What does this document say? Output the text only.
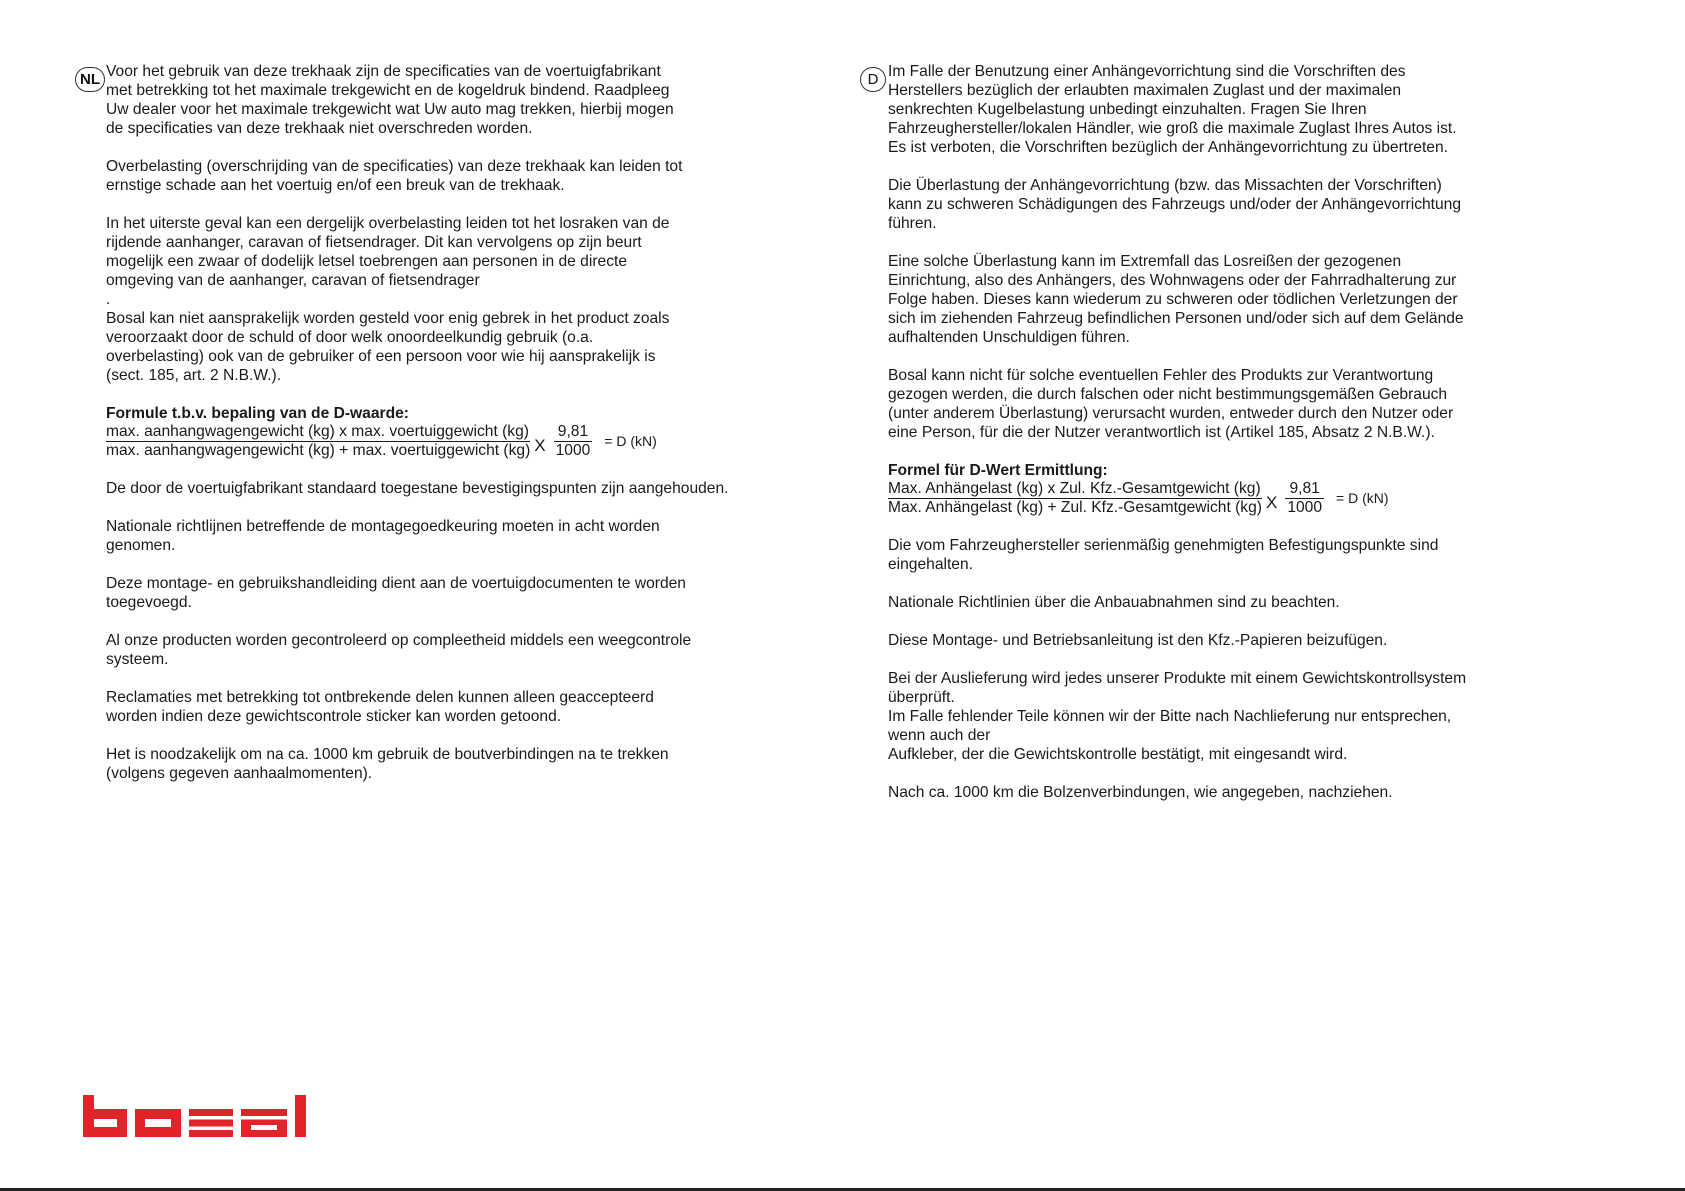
NL	D

Voor het gebruik van deze trekhaak zijn de specificaties van de voertuigfabrikant
met betrekking tot het maximale trekgewicht en de kogeldruk bindend. Raadpleeg
Uw dealer voor het maximale trekgewicht wat Uw auto mag trekken, hierbij mogen
de specificaties van deze trekhaak niet overschreden worden.

Overbelasting (overschrijding van de specificaties) van deze trekhaak kan leiden tot
ernstige schade aan het voertuig en/of een breuk van de trekhaak.

In het uiterste geval kan een dergelijk overbelasting leiden tot het losraken van de
rijdende aanhanger, caravan of fietsendrager. Dit kan vervolgens op zijn beurt
mogelijk een zwaar of dodelijk letsel toebrengen aan personen in de directe
omgeving van de aanhanger, caravan of fietsendrager
.
Bosal kan niet aansprakelijk worden gesteld voor enig gebrek in het product zoals
veroorzaakt door de schuld of door welk onoordeelkundig gebruik (o.a.
overbelasting) ook van de gebruiker of een persoon voor wie hij aansprakelijk is
(sect. 185, art. 2 N.B.W.).

Formule t.b.v. bepaling van de D-waarde:
$\frac{\text{max. aanhangwagengewicht (kg) x max. voertuiggewicht (kg)}}{\text{max. aanhangwagengewicht (kg) + max. voertuiggewicht (kg)}}$ X $\frac{9,81}{1000} = D$ (kN)

De door de voertuigfabrikant standaard toegestane bevestigingspunten zijn aangehouden.

Nationale richtlijnen betreffende de montagegoedkeuring moeten in acht worden
genomen.

Deze montage- en gebruikshandleiding dient aan de voertuigdocumenten te worden
toegevoegd.

Al onze producten worden gecontroleerd op compleetheid middels een weegcontrole
systeem.

Reclamaties met betrekking tot ontbrekende delen kunnen alleen geaccepteerd
worden indien deze gewichtscontrole sticker kan worden getoond.

Het is noodzakelijk om na ca. 1000 km gebruik de boutverbindingen na te trekken
(volgens gegeven aanhaalmomenten).

Im Falle der Benutzung einer Anhängevorrichtung sind die Vorschriften des
Herstellers bezüglich der erlaubten maximalen Zuglast und der maximalen
senkrechten Kugelbelastung unbedingt einzuhalten. Fragen Sie Ihren
Fahrzeughersteller/lokalen Händler, wie groß die maximale Zuglast Ihres Autos ist.
Es ist verboten, die Vorschriften bezüglich der Anhängevorrichtung zu übertreten.

Die Überlastung der Anhängevorrichtung (bzw. das Missachten der Vorschriften)
kann zu schweren Schädigungen des Fahrzeugs und/oder der Anhängevorrichtung
führen.

Eine solche Überlastung kann im Extremfall das Losreißen der gezogenen
Einrichtung, also des Anhängers, des Wohnwagens oder der Fahrradhalterung zur
Folge haben. Dieses kann wiederum zu schweren oder tödlichen Verletzungen der
sich im ziehenden Fahrzeug befindlichen Personen und/oder sich auf dem Gelände
aufhaltenden Unschuldigen führen.

Bosal kann nicht für solche eventuellen Fehler des Produkts zur Verantwortung
gezogen werden, die durch falschen oder nicht bestimmungsgemäßen Gebrauch
(unter anderem Überlastung) verursacht wurden, entweder durch den Nutzer oder
eine Person, für die der Nutzer verantwortlich ist (Artikel 185, Absatz 2 N.B.W.).

Formel für D-Wert Ermittlung:
$\frac{\text{Max. Anhängelast (kg) x Zul. Kfz.-Gesamtgewicht (kg)}}{\text{Max. Anhängelast (kg) + Zul. Kfz.-Gesamtgewicht (kg)}}$ X $\frac{9,81}{1000} = D$ (kN)

Die vom Fahrzeughersteller serienmäßig genehmigten Befestigungspunkte sind
eingehalten.

Nationale Richtlinien über die Anbauabnahmen sind zu beachten.

Diese Montage- und Betriebsanleitung ist den Kfz.-Papieren beizufügen.

Bei der Auslieferung wird jedes unserer Produkte mit einem Gewichtskontrollsystem
überprüft.
Im Falle fehlender Teile können wir der Bitte nach Nachlieferung nur entsprechen,
wenn auch der
Aufkleber, der die Gewichtskontrolle bestätigt, mit eingesandt wird.

Nach ca. 1000 km die Bolzenverbindungen, wie angegeben, nachziehen.
